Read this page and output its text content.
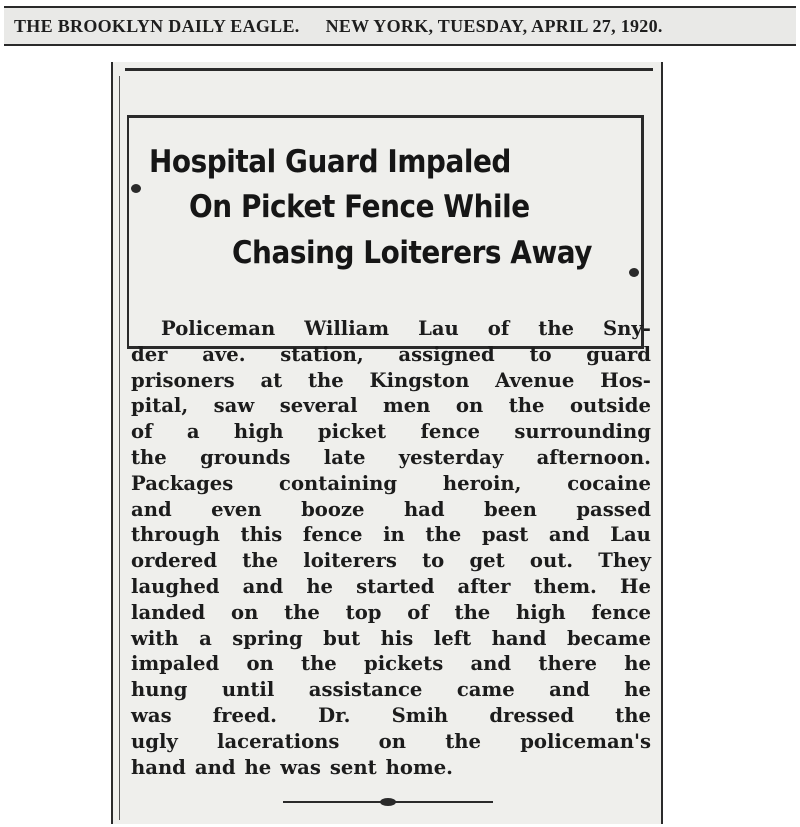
THE BROOKLYN DAILY EAGLE. NEW YORK, TUESDAY, APRIL 27, 1920.
Hospital Guard Impaled
On Picket Fence While
Chasing Loiterers Away
Policeman William Lau of the Sny-
der ave. station, assigned to guard
prisoners at the Kingston Avenue Hos-
pital, saw several men on the outside
of a high picket fence surrounding
the grounds late yesterday afternoon.
Packages containing heroin, cocaine
and even booze had been passed
through this fence in the past and Lau
ordered the loiterers to get out. They
laughed and he started after them. He
landed on the top of the high fence
with a spring but his left hand became
impaled on the pickets and there he
hung until assistance came and he
was freed. Dr. Smih dressed the
ugly lacerations on the policeman's
hand and he was sent home.
